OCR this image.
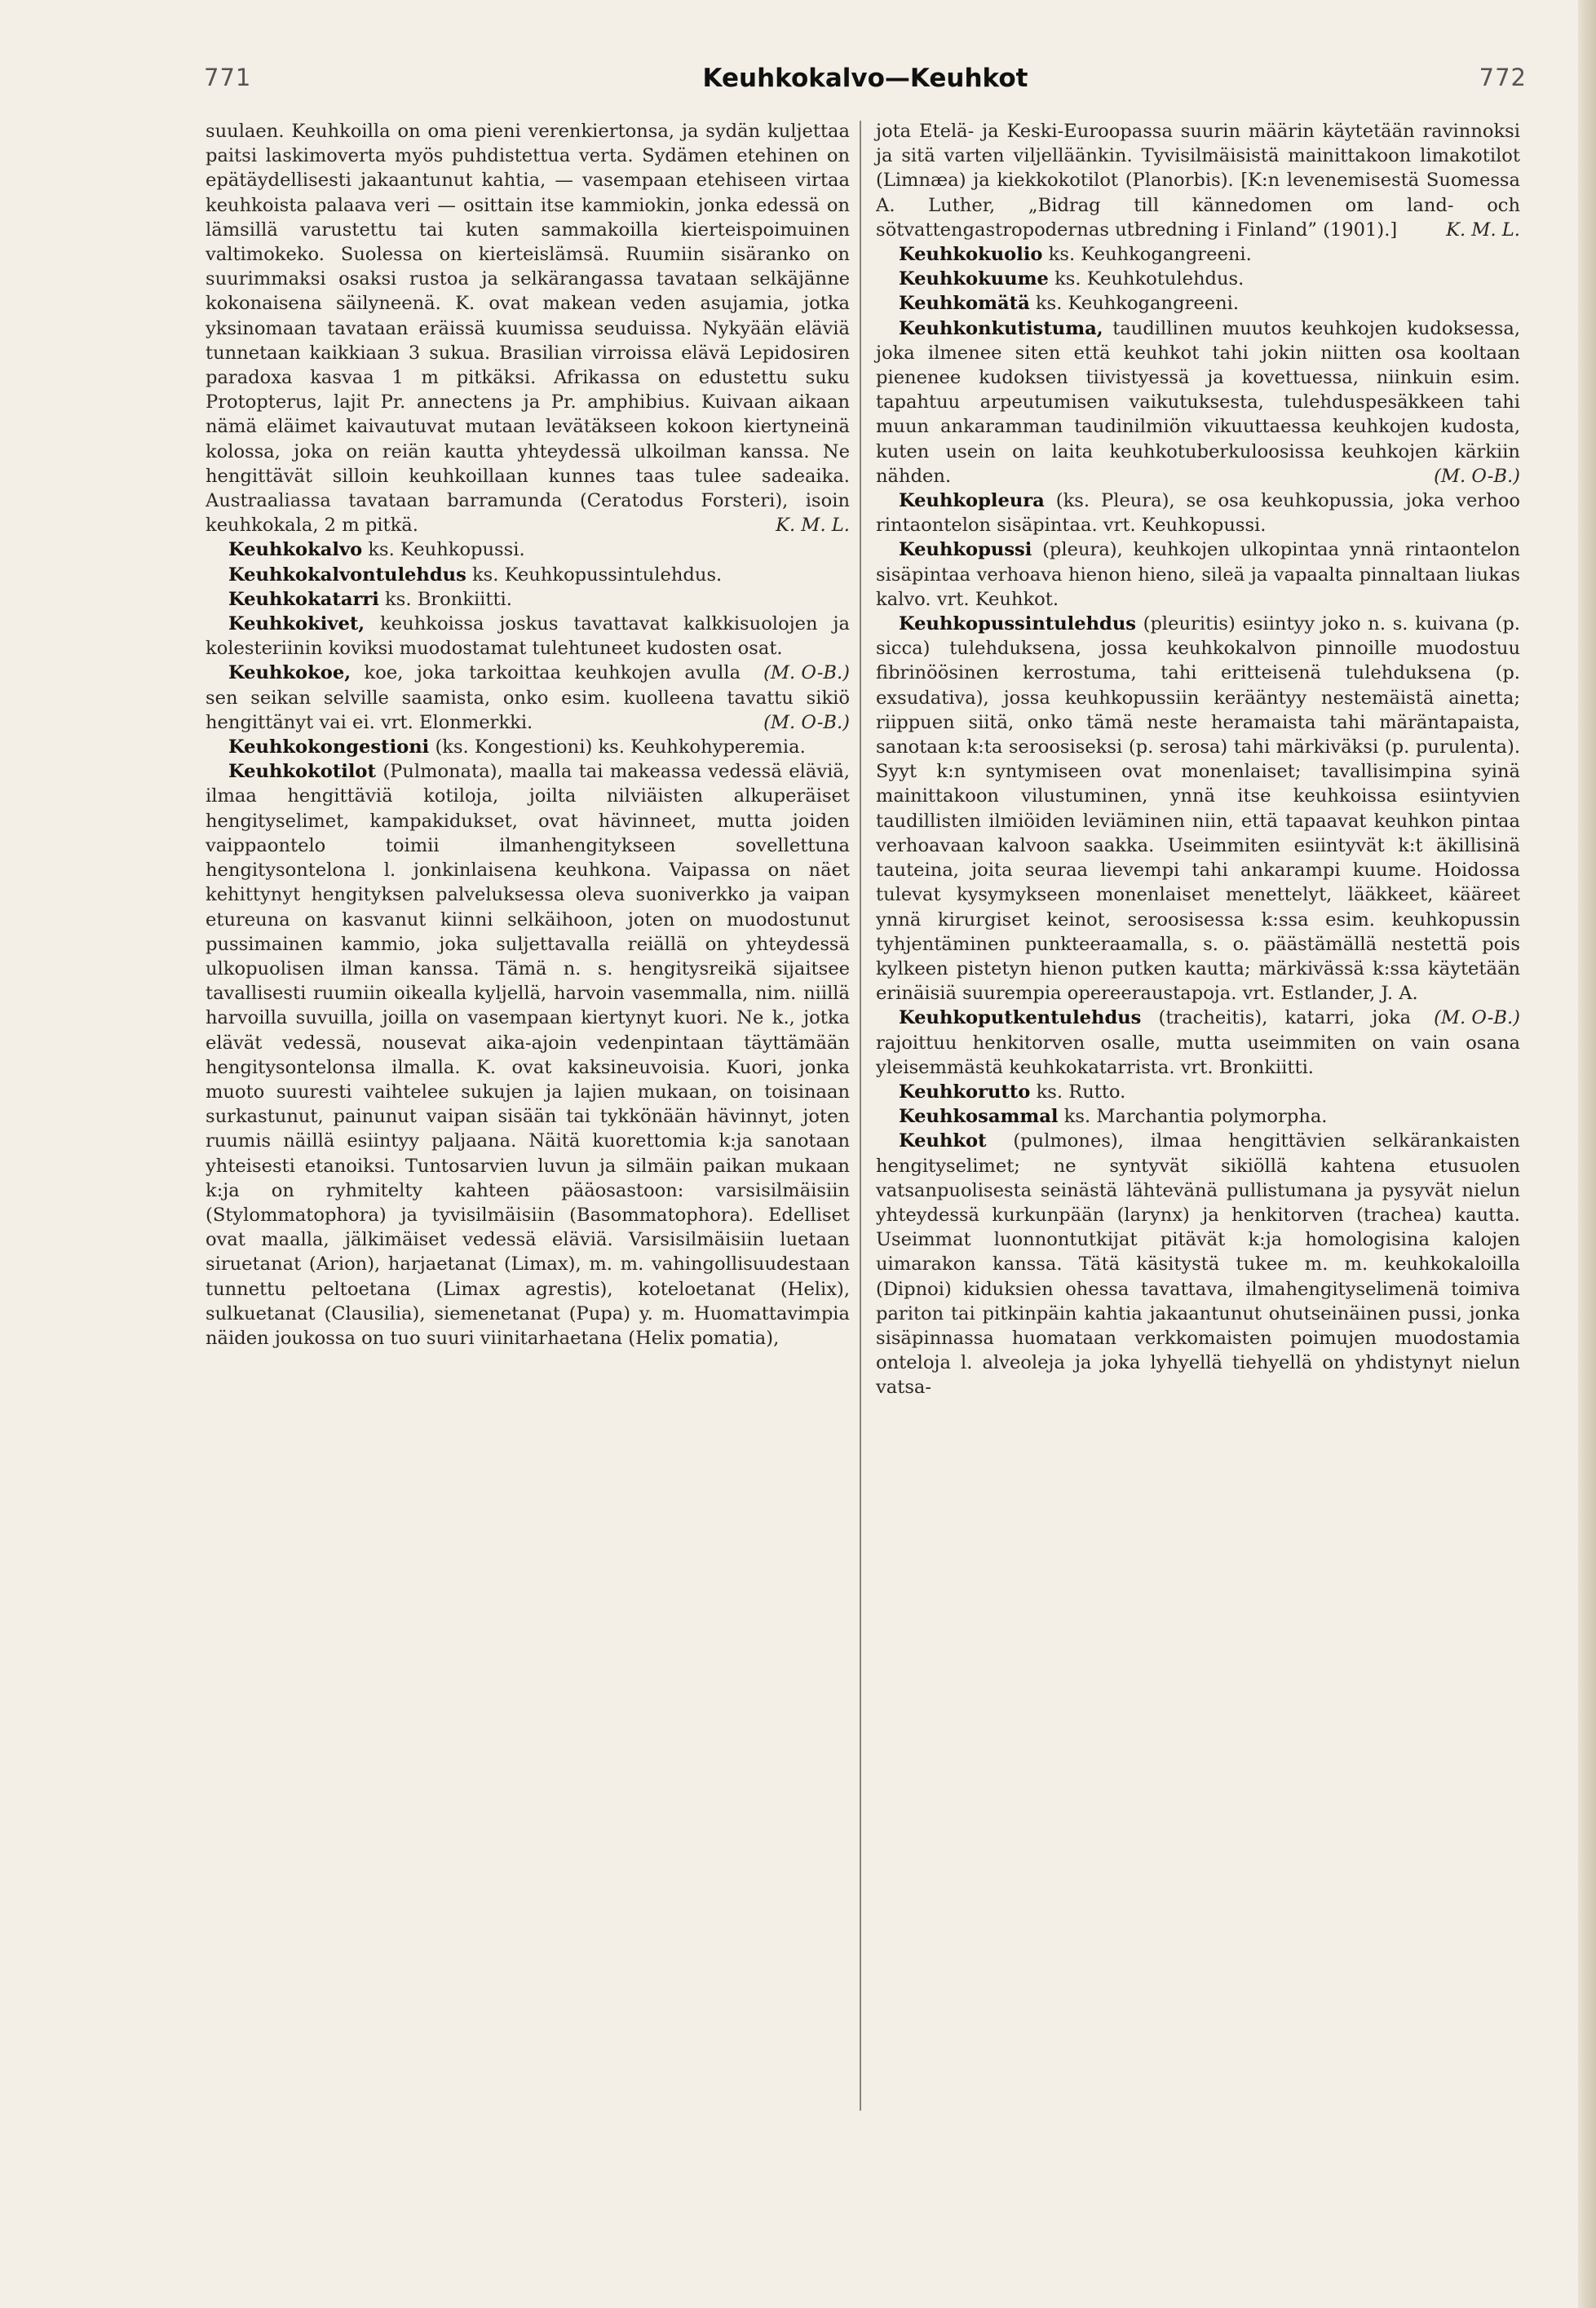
771	Keuhkokalvo—Keuhkot	772

suulaen. Keuhkoilla on oma pieni verenkiertonsa, ja sydän kuljettaa paitsi laskimoverta myös puhdistettua verta. Sydämen etehinen on epätäydellisesti jakaantunut kahtia, — vasempaan etehiseen virtaa keuhkoista palaava veri — osittain itse kammiokin, jonka edessä on lämsillä varustettu tai kuten sammakoilla kierteispoimuinen valtimokeko. Suolessa on kierteislämsä. Ruumiin sisäranko on suurimmaksi osaksi rustoa ja selkärangassa tavataan selkäjänne kokonaisena säilyneenä. K. ovat makean veden asujamia, jotka yksinomaan tavataan eräissä kuumissa seuduissa. Nykyään eläviä tunnetaan kaikkiaan 3 sukua. Brasilian virroissa elävä Lepidosiren paradoxa kasvaa 1 m pitkäksi. Afrikassa on edustettu suku Protopterus, lajit Pr. annectens ja Pr. amphibius. Kuivaan aikaan nämä eläimet kaivautuvat mutaan levätäkseen kokoon kiertyneinä kolossa, joka on reiän kautta yhteydessä ulkoilman kanssa. Ne hengittävät silloin keuhkoillaan kunnes taas tulee sadeaika. Austraaliassa tavataan barramunda (Ceratodus Forsteri), isoin keuhkokala, 2 m pitkä.	K. M. L.

Keuhkokalvo ks. Keuhkopussi.

Keuhkokalvontulehdus ks. Keuhkopussintulehdus.

Keuhkokatarri ks. Bronkiitti.

Keuhkokivet, keuhkoissa joskus tavattavat kalkkisuolojen ja kolesteriinin koviksi muodostamat tulehtuneet kudosten osat.
(M. O-B.)

Keuhkokoe, koe, joka tarkoittaa keuhkojen avulla sen seikan selville saamista, onko esim. kuolleena tavattu sikiö hengittänyt vai ei. vrt. Elonmerkki.	(M. O-B.)

Keuhkokongestioni (ks. Kongestioni) ks. Keuhkohyperemia.

Keuhkokotilot (Pulmonata), maalla tai makeassa vedessä eläviä, ilmaa hengittäviä kotiloja, joilta nilviäisten alkuperäiset hengityselimet, kampakidukset, ovat hävinneet, mutta joiden vaippaontelo toimii ilmanhengitykseen sovellettuna hengitysontelona l. jonkinlaisena keuhkona. Vaipassa on näet kehittynyt hengityksen palveluksessa oleva suoniverkko ja vaipan etureuna on kasvanut kiinni selkäihoon, joten on muodostunut pussimainen kammio, joka suljettavalla reiällä on yhteydessä ulkopuolisen ilman kanssa. Tämä n. s. hengitysreikä sijaitsee tavallisesti ruumiin oikealla kyljellä, harvoin vasemmalla, nim. niillä harvoilla suvuilla, joilla on vasempaan kiertynyt kuori. Ne k., jotka elävät vedessä, nousevat aika-ajoin vedenpintaan täyttämään hengitysontelonsa ilmalla. K. ovat kaksineuvoisia. Kuori, jonka muoto suuresti vaihtelee sukujen ja lajien mukaan, on toisinaan surkastunut, painunut vaipan sisään tai tykkönään hävinnyt, joten ruumis näillä esiintyy paljaana. Näitä kuorettomia k:ja sanotaan yhteisesti etanoiksi. Tuntosarvien luvun ja silmäin paikan mukaan k:ja on ryhmitelty kahteen pääosastoon: varsisilmäisiin (Stylommatophora) ja tyvisilmäisiin (Basommatophora). Edelliset ovat maalla, jälkimäiset vedessä eläviä. Varsisilmäisiin luetaan siruetanat (Arion), harjaetanat (Limax), m. m. vahingollisuudestaan tunnettu peltoetana (Limax agrestis), koteloetanat (Helix), sulkuetanat (Clausilia), siemenetanat (Pupa) y. m. Huomattavimpia näiden joukossa on tuo suuri viinitarhaetana (Helix pomatia),

jota Etelä- ja Keski-Euroopassa suurin määrin käytetään ravinnoksi ja sitä varten viljelläänkin. Tyvisilmäisistä mainittakoon limakotilot (Limnæa) ja kiekkokotilot (Planorbis). [K:n levenemisestä Suomessa A. Luther, „Bidrag till kännedomen om land- och sötvattengastropodernas utbredning i Finland” (1901).]	K. M. L.

Keuhkokuolio ks. Keuhkogangreeni.

Keuhkokuume ks. Keuhkotulehdus.

Keuhkomätä ks. Keuhkogangreeni.

Keuhkonkutistuma, taudillinen muutos keuhkojen kudoksessa, joka ilmenee siten että keuhkot tahi jokin niitten osa kooltaan pienenee kudoksen tiivistyessä ja kovettuessa, niinkuin esim. tapahtuu arpeutumisen vaikutuksesta, tulehduspesäkkeen tahi muun ankaramman taudinilmiön vikuuttaessa keuhkojen kudosta, kuten usein on laita keuhkotuberkuloosissa keuhkojen kärkiin nähden.	(M. O-B.)

Keuhkopleura (ks. Pleura), se osa keuhkopussia, joka verhoo rintaontelon sisäpintaa. vrt. Keuhkopussi.

Keuhkopussi (pleura), keuhkojen ulkopintaa ynnä rintaontelon sisäpintaa verhoava hienon hieno, sileä ja vapaalta pinnaltaan liukas kalvo. vrt. Keuhkot.

Keuhkopussintulehdus (pleuritis) esiintyy joko n. s. kuivana (p. sicca) tulehduksena, jossa keuhkokalvon pinnoille muodostuu fibrinöösinen kerrostuma, tahi eritteisenä tulehduksena (p. exsudativa), jossa keuhkopussiin kerääntyy nestemäistä ainetta; riippuen siitä, onko tämä neste heramaista tahi märäntapaista, sanotaan k:ta seroosiseksi (p. serosa) tahi märkiväksi (p. purulenta). Syyt k:n syntymiseen ovat monenlaiset; tavallisimpina syinä mainittakoon vilustuminen, ynnä itse keuhkoissa esiintyvien taudillisten ilmiöiden leviäminen niin, että tapaavat keuhkon pintaa verhoavaan kalvoon saakka. Useimmiten esiintyvät k:t äkillisinä tauteina, joita seuraa lievempi tahi ankarampi kuume. Hoidossa tulevat kysymykseen monenlaiset menettelyt, lääkkeet, kääreet ynnä kirurgiset keinot, seroosisessa k:ssa esim. keuhkopussin tyhjentäminen punkteeraamalla, s. o. päästämällä nestettä pois kylkeen pistetyn hienon putken kautta; märkivässä k:ssa käytetään erinäisiä suurempia opereeraustapoja. vrt. Estlander, J. A.
(M. O-B.)

Keuhkoputkentulehdus (tracheitis), katarri, joka rajoittuu henkitorven osalle, mutta useimmiten on vain osana yleisemmästä keuhkokatarrista. vrt. Bronkiitti.

Keuhkorutto ks. Rutto.

Keuhkosammal ks. Marchantia polymorpha.

Keuhkot (pulmones), ilmaa hengittävien selkärankaisten hengityselimet; ne syntyvät sikiöllä kahtena etusuolen vatsanpuolisesta seinästä lähtevänä pullistumana ja pysyvät nielun yhteydessä kurkunpään (larynx) ja henkitorven (trachea) kautta. Useimmat luonnontutkijat pitävät k:ja homologisina kalojen uimarakon kanssa. Tätä käsitystä tukee m. m. keuhkokaloilla (Dipnoi) kiduksien ohessa tavattava, ilmahengityselimenä toimiva pariton tai pitkinpäin kahtia jakaantunut ohutseinäinen pussi, jonka sisäpinnassa huomataan verkkomaisten poimujen muodostamia onteloja l. alveoleja ja joka lyhyellä tiehyellä on yhdistynyt nielun vatsa-
